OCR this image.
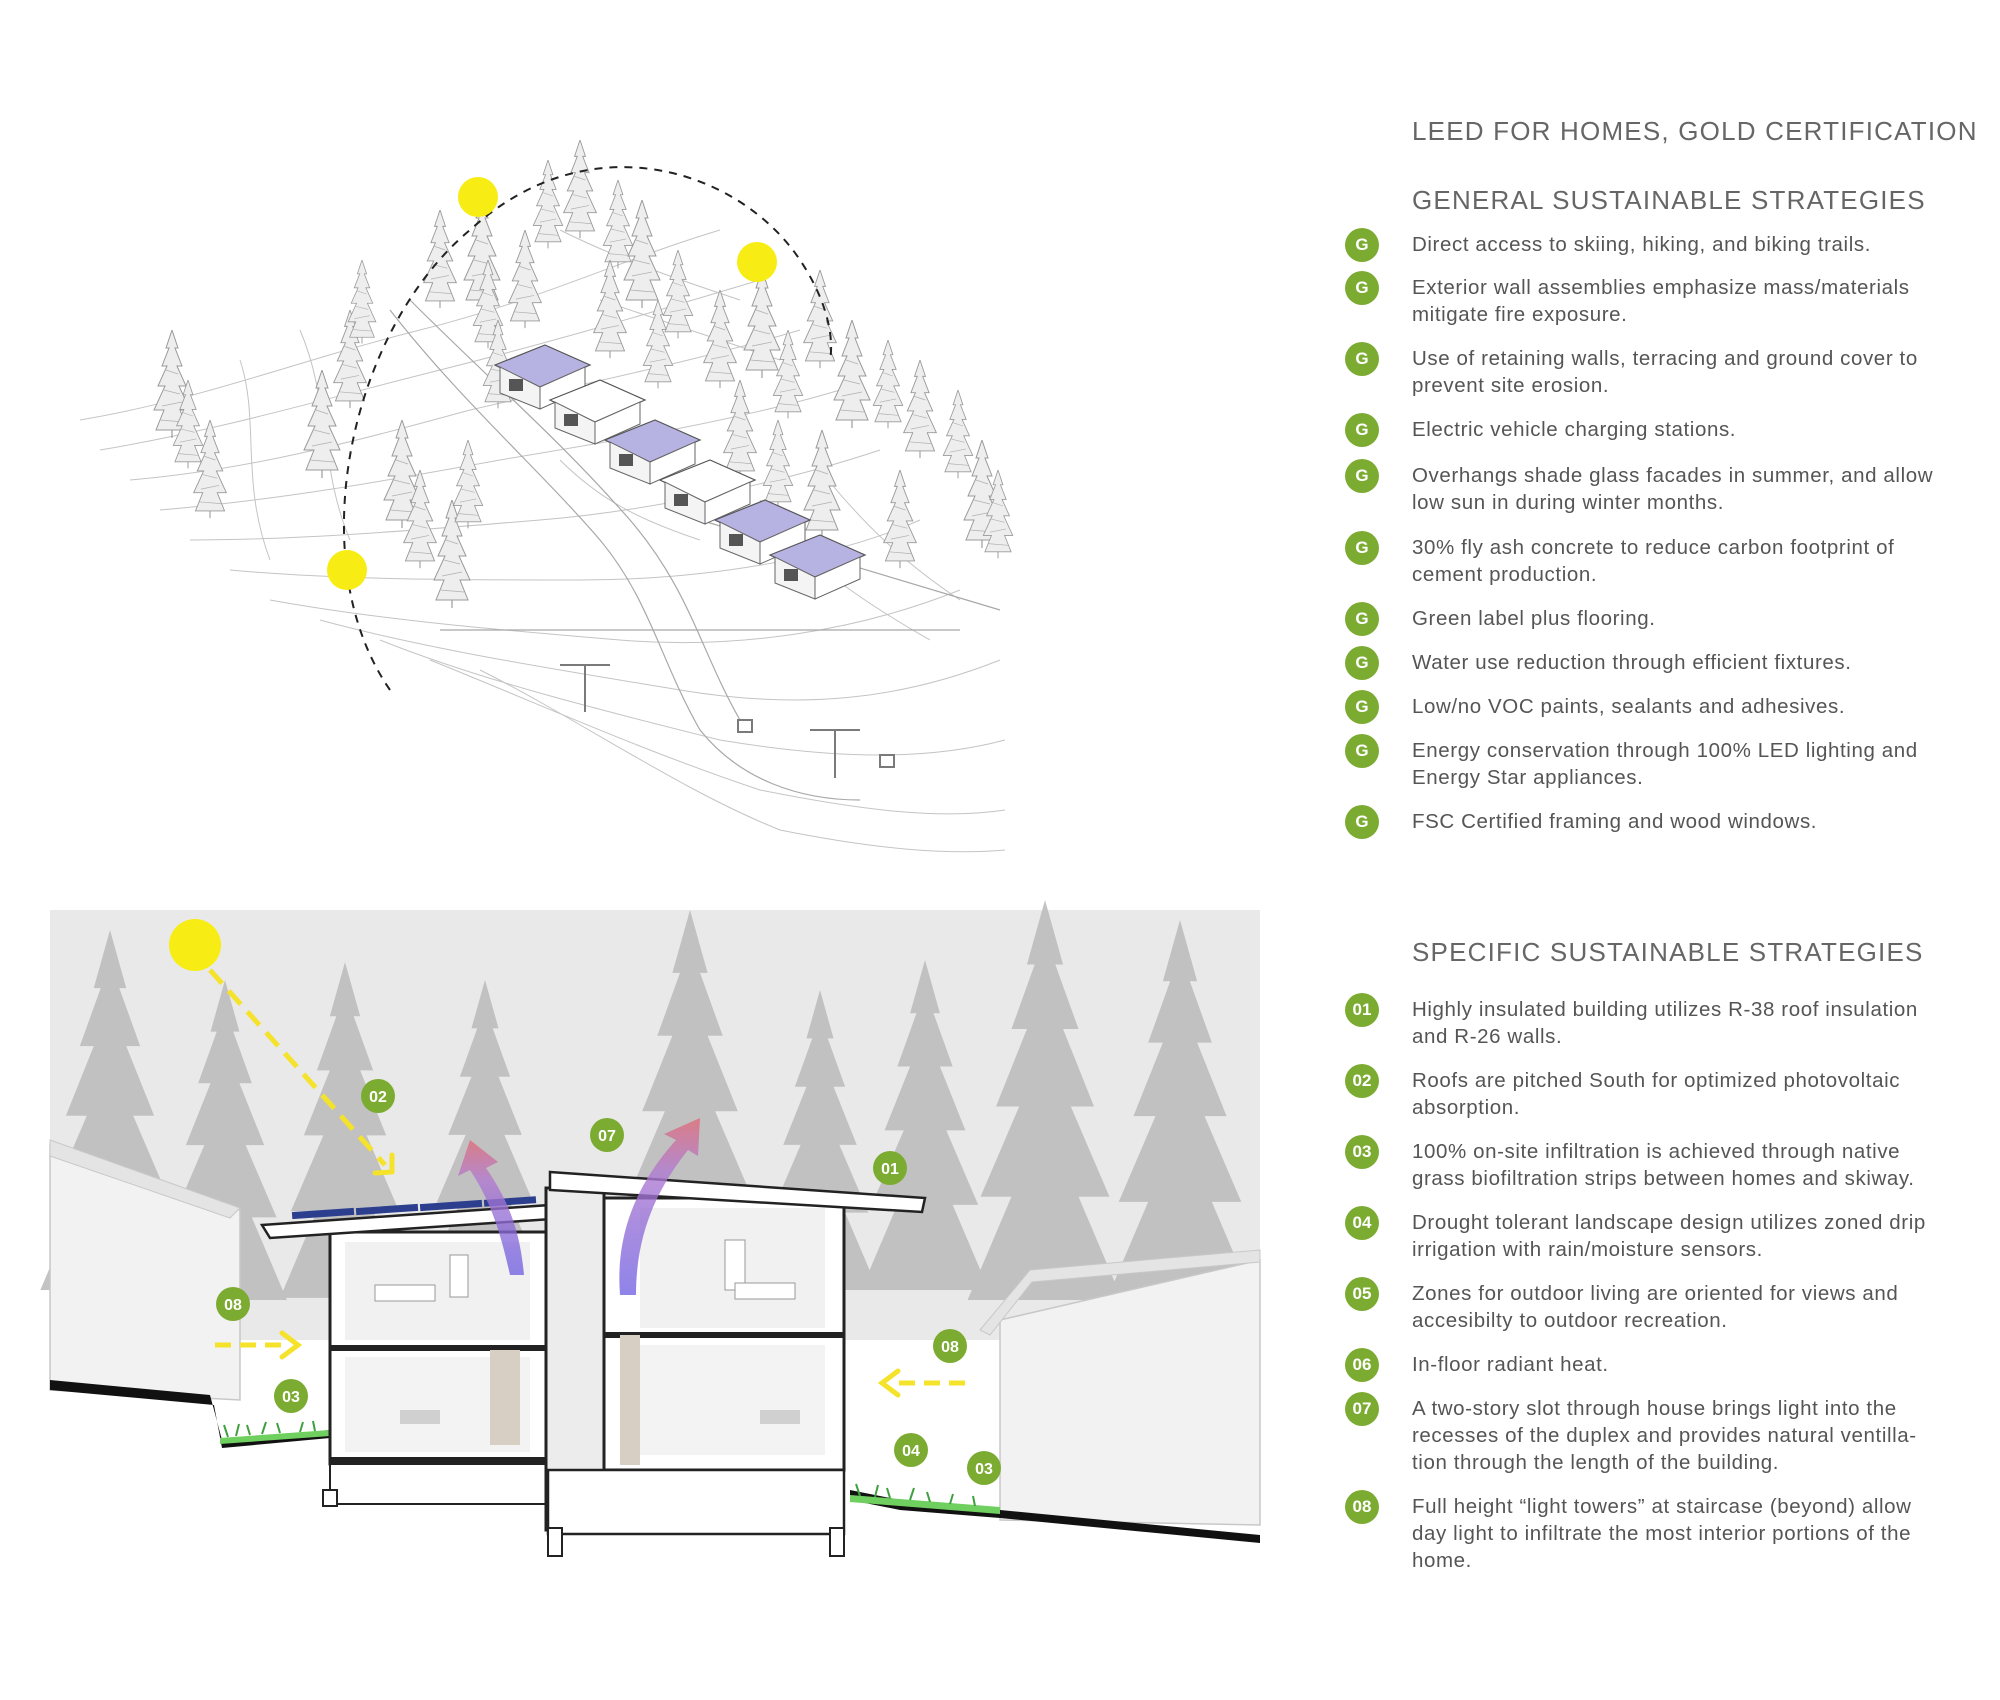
02
07
01
08
08
03
04
03
LEED FOR HOMES, GOLD CERTIFICATION
GENERAL SUSTAINABLE STRATEGIES
G	Direct access to skiing, hiking, and biking trails.
G	Exterior wall assemblies emphasize mass/materials mitigate fire exposure.
G	Use of retaining walls, terracing and ground cover to prevent site erosion.
G	Electric vehicle charging stations.
G	Overhangs shade glass facades in summer, and allow low sun in during winter months.
G	30% fly ash concrete to reduce carbon footprint of cement production.
G	Green label plus flooring.
G	Water use reduction through efficient fixtures.
G	Low/no VOC paints, sealants and adhesives.
G	Energy conservation through 100% LED lighting and Energy Star appliances.
G	FSC Certified framing and wood windows.
SPECIFIC SUSTAINABLE STRATEGIES
01	Highly insulated building utilizes R-38 roof insulation and R-26 walls.
02	Roofs are pitched South for optimized photovoltaic absorption.
03	100% on-site infiltration is achieved through native grass biofiltration strips between homes and skiway.
04	Drought tolerant landscape design utilizes zoned drip irrigation with rain/moisture sensors.
05	Zones for outdoor living are oriented for views and accesibilty to outdoor recreation.
06	In-floor radiant heat.
07	A two-story slot through house brings light into the recesses of the duplex and provides natural ventilla-tion through the length of the building.
08	Full height “light towers” at staircase (beyond) allow day light to infiltrate the most interior portions of the home.
